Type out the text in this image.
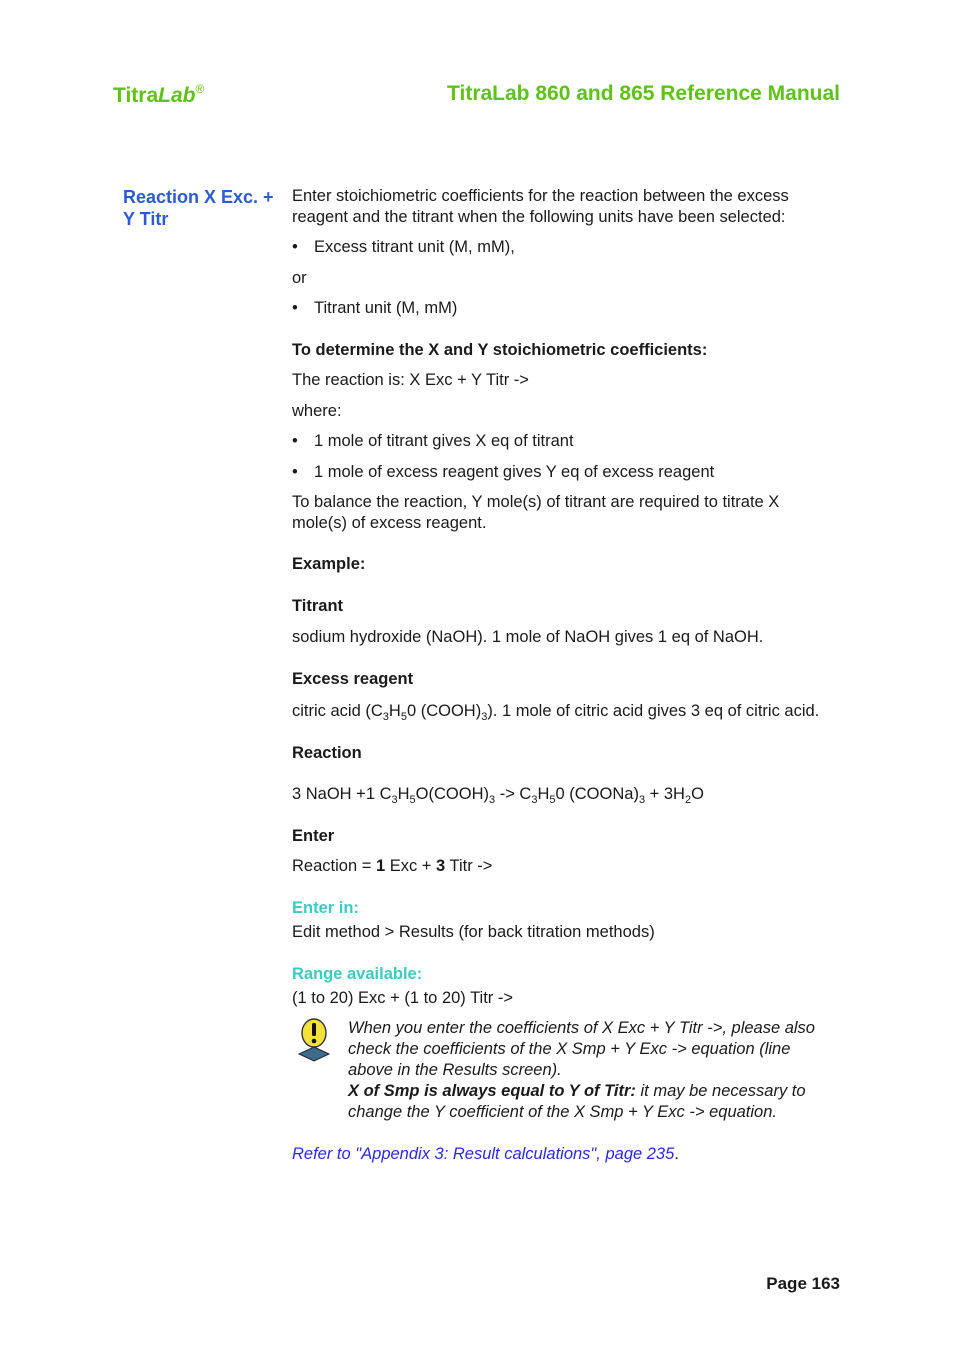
TitraLab®	TitraLab 860 and 865 Reference Manual
Reaction X Exc. + Y Titr

Enter stoichiometric coefficients for the reaction between the excess reagent and the titrant when the following units have been selected:

• Excess titrant unit (M, mM),

or

• Titrant unit (M, mM)

To determine the X and Y stoichiometric coefficients:

The reaction is: X Exc + Y Titr ->

where:

• 1 mole of titrant gives X eq of titrant

• 1 mole of excess reagent gives Y eq of excess reagent

To balance the reaction, Y mole(s) of titrant are required to titrate X mole(s) of excess reagent.

Example:

Titrant

sodium hydroxide (NaOH). 1 mole of NaOH gives 1 eq of NaOH.

Excess reagent

citric acid ($C_3H_50$ $(COOH)_3$). 1 mole of citric acid gives 3 eq of citric acid.

Reaction

3 NaOH +1 $C_3H_5O(COOH)_3 -> C_3H_50$ $(COONa)_3 + 3H_2O$

Enter

Reaction = 1 Exc + 3 Titr ->

Enter in:

Edit method > Results (for back titration methods)

Range available:

(1 to 20) Exc + (1 to 20) Titr ->

When you enter the coefficients of X Exc + Y Titr ->, please also check the coefficients of the X Smp + Y Exc -> equation (line above in the Results screen).

X of Smp is always equal to Y of Titr: it may be necessary to change the Y coefficient of the X Smp + Y Exc -> equation.

Refer to "Appendix 3: Result calculations", page 235.

Page 163
